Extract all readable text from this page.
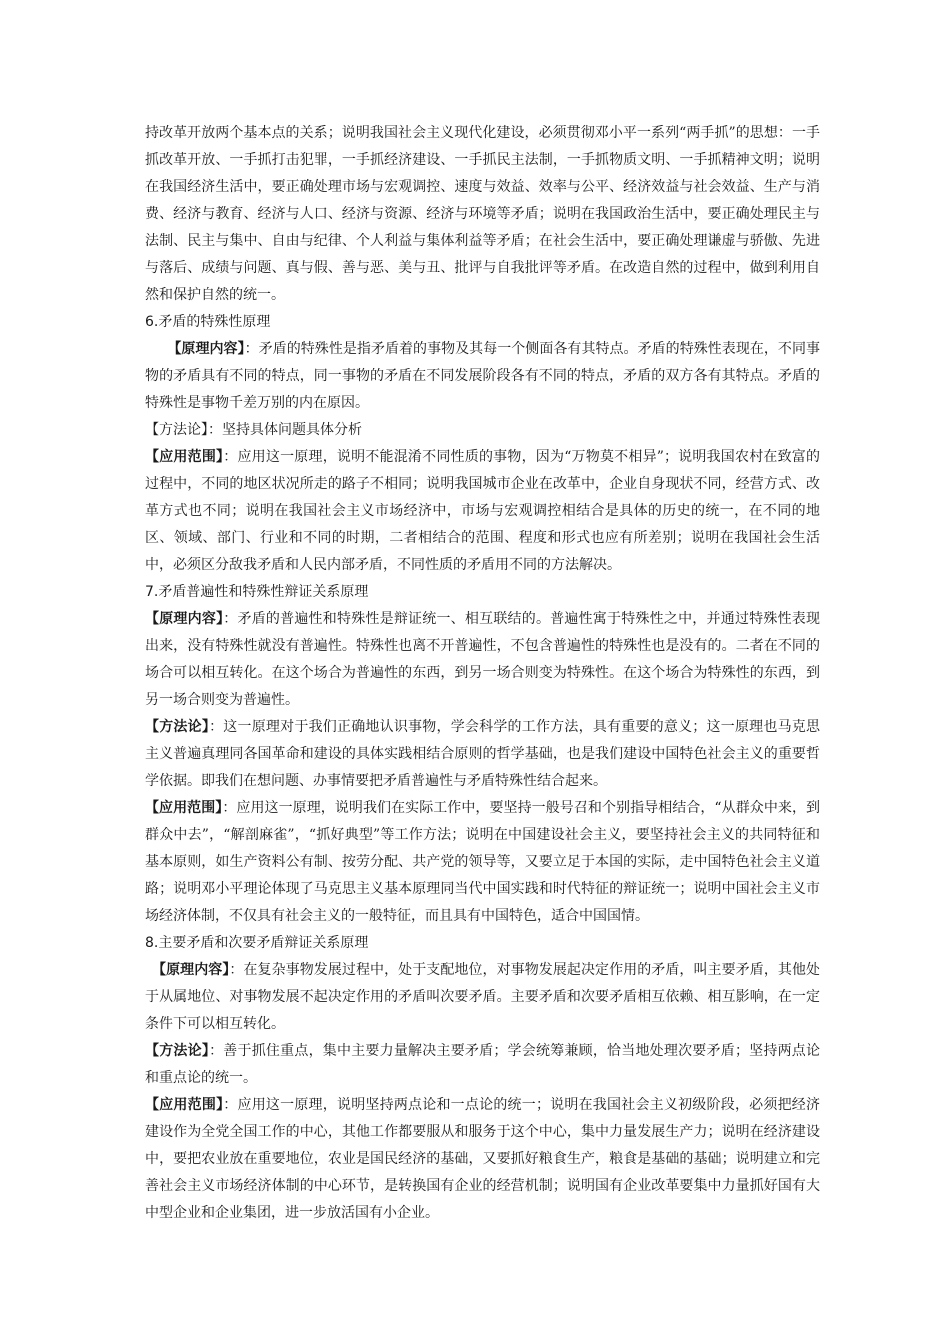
持改革开放两个基本点的关系；说明我国社会主义现代化建设，必须贯彻邓小平一系列“两手抓”的思想：一手抓改革开放、一手抓打击犯罪，一手抓经济建设、一手抓民主法制，一手抓物质文明、一手抓精神文明；说明在我国经济生活中，要正确处理市场与宏观调控、速度与效益、效率与公平、经济效益与社会效益、生产与消费、经济与教育、经济与人口、经济与资源、经济与环境等矛盾；说明在我国政治生活中，要正确处理民主与法制、民主与集中、自由与纪律、个人利益与集体利益等矛盾；在社会生活中，要正确处理谦虚与骄傲、先进与落后、成绩与问题、真与假、善与恶、美与丑、批评与自我批评等矛盾。在改造自然的过程中，做到利用自然和保护自然的统一。

6.矛盾的特殊性原理

【原理内容】：矛盾的特殊性是指矛盾着的事物及其每一个侧面各有其特点。矛盾的特殊性表现在，不同事物的矛盾具有不同的特点，同一事物的矛盾在不同发展阶段各有不同的特点，矛盾的双方各有其特点。矛盾的特殊性是事物千差万别的内在原因。

【方法论】：坚持具体问题具体分析

【应用范围】：应用这一原理，说明不能混淆不同性质的事物，因为“万物莫不相异”；说明我国农村在致富的过程中，不同的地区状况所走的路子不相同；说明我国城市企业在改革中，企业自身现状不同，经营方式、改革方式也不同；说明在我国社会主义市场经济中，市场与宏观调控相结合是具体的历史的统一，在不同的地区、领域、部门、行业和不同的时期，二者相结合的范围、程度和形式也应有所差别；说明在我国社会生活中，必须区分敌我矛盾和人民内部矛盾，不同性质的矛盾用不同的方法解决。

7.矛盾普遍性和特殊性辩证关系原理

【原理内容】：矛盾的普遍性和特殊性是辩证统一、相互联结的。普遍性寓于特殊性之中，并通过特殊性表现出来，没有特殊性就没有普遍性。特殊性也离不开普遍性，不包含普遍性的特殊性也是没有的。二者在不同的场合可以相互转化。在这个场合为普遍性的东西，到另一场合则变为特殊性。在这个场合为特殊性的东西，到另一场合则变为普遍性。

【方法论】：这一原理对于我们正确地认识事物，学会科学的工作方法，具有重要的意义；这一原理也马克思主义普遍真理同各国革命和建设的具体实践相结合原则的哲学基础，也是我们建设中国特色社会主义的重要哲学依据。即我们在想问题、办事情要把矛盾普遍性与矛盾特殊性结合起来。

【应用范围】：应用这一原理，说明我们在实际工作中，要坚持一般号召和个别指导相结合，“从群众中来，到群众中去”，“解剖麻雀”，“抓好典型”等工作方法；说明在中国建设社会主义，要坚持社会主义的共同特征和基本原则，如生产资料公有制、按劳分配、共产党的领导等，又要立足于本国的实际，走中国特色社会主义道路；说明邓小平理论体现了马克思主义基本原理同当代中国实践和时代特征的辩证统一；说明中国社会主义市场经济体制，不仅具有社会主义的一般特征，而且具有中国特色，适合中国国情。

8.主要矛盾和次要矛盾辩证关系原理

【原理内容】：在复杂事物发展过程中，处于支配地位，对事物发展起决定作用的矛盾，叫主要矛盾，其他处于从属地位、对事物发展不起决定作用的矛盾叫次要矛盾。主要矛盾和次要矛盾相互依赖、相互影响，在一定条件下可以相互转化。

【方法论】：善于抓住重点，集中主要力量解决主要矛盾；学会统筹兼顾，恰当地处理次要矛盾；坚持两点论和重点论的统一。

【应用范围】：应用这一原理，说明坚持两点论和一点论的统一；说明在我国社会主义初级阶段，必须把经济建设作为全党全国工作的中心，其他工作都要服从和服务于这个中心，集中力量发展生产力；说明在经济建设中，要把农业放在重要地位，农业是国民经济的基础，又要抓好粮食生产，粮食是基础的基础；说明建立和完善社会主义市场经济体制的中心环节，是转换国有企业的经营机制；说明国有企业改革要集中力量抓好国有大中型企业和企业集团，进一步放活国有小企业。
